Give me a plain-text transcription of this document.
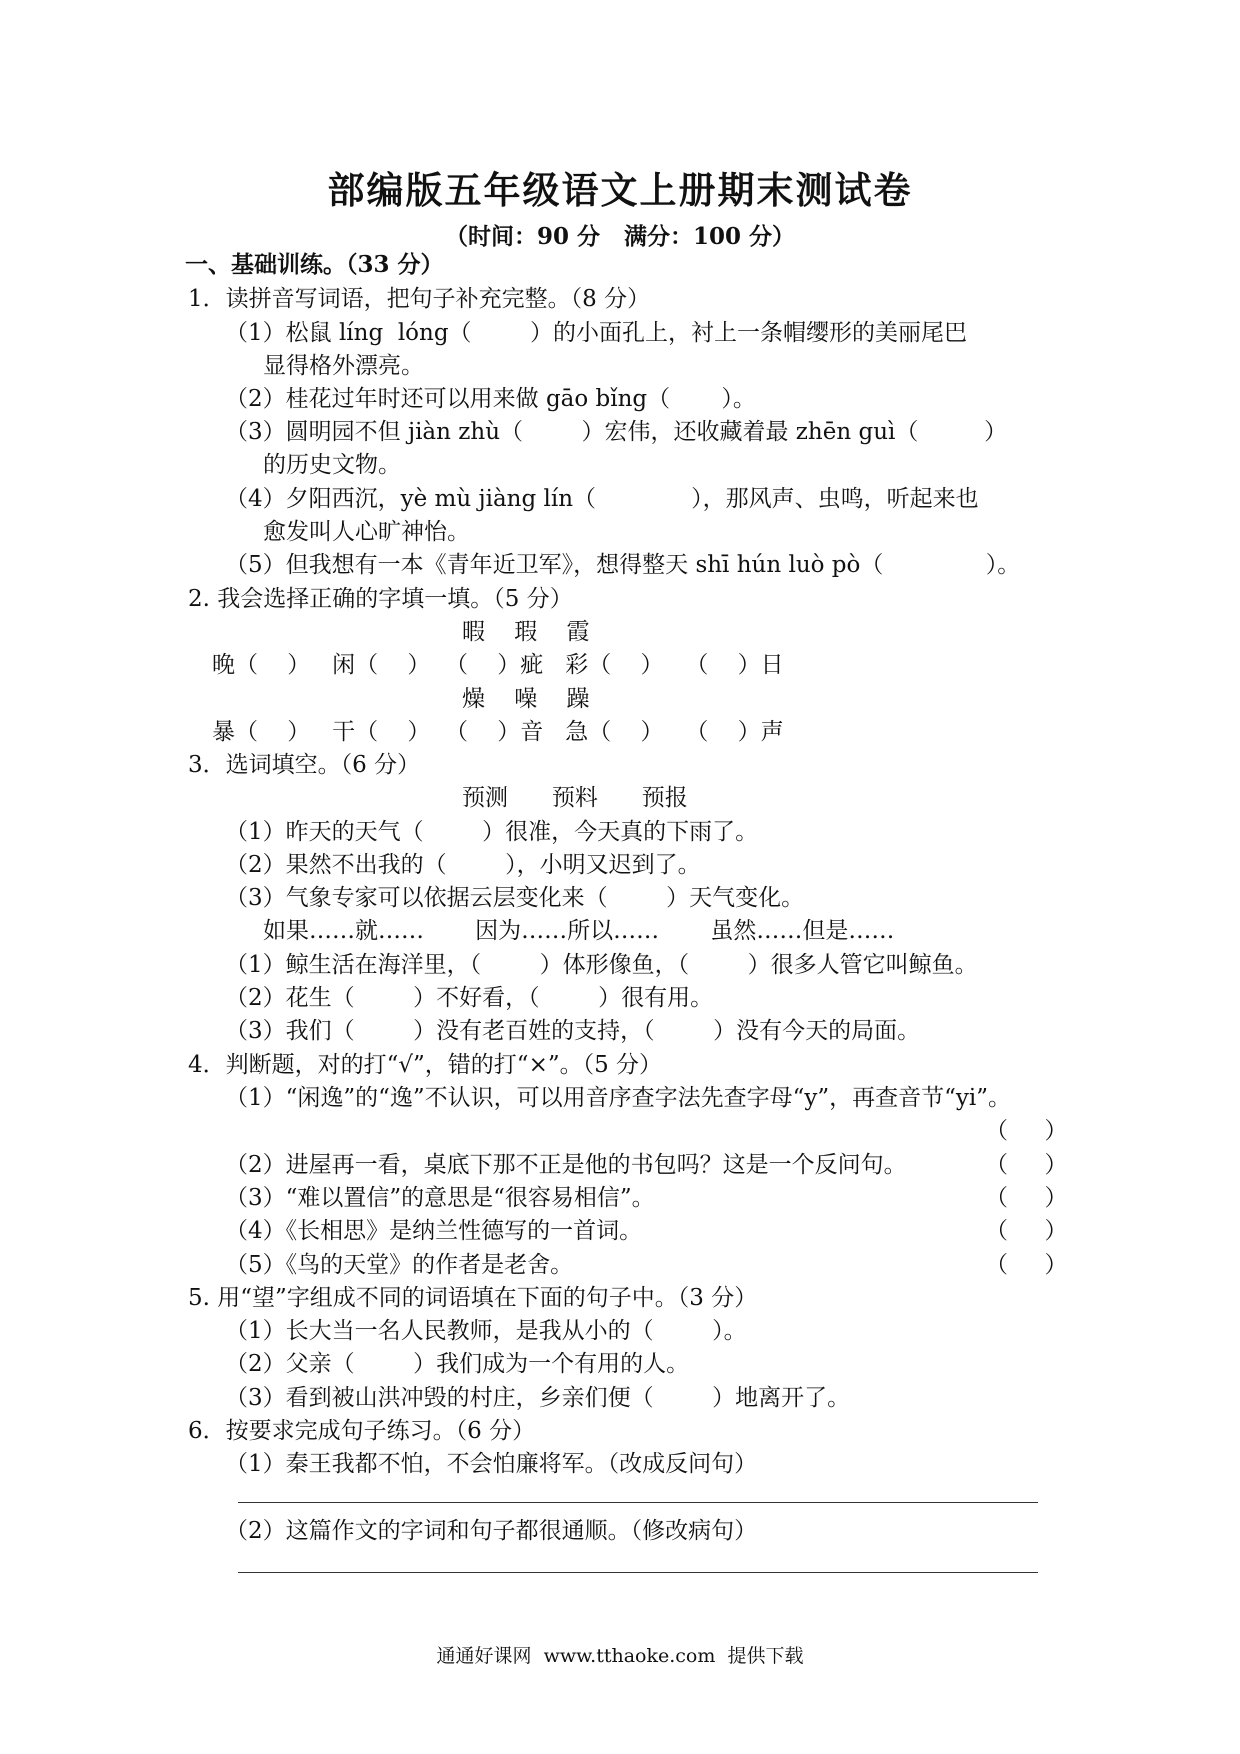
部编版五年级语文上册期末测试卷
（时间：90 分   满分：100 分）
一、基础训练。（33 分）
1．读拼音写词语，把句子补充完整。（8 分）
（1）松鼠 líng  lóng（        ）的小面孔上，衬上一条帽缨形的美丽尾巴
显得格外漂亮。
（2）桂花过年时还可以用来做 gāo bǐng（       ）。
（3）圆明园不但 jiàn zhù（        ）宏伟，还收藏着最 zhēn guì（         ）
的历史文物。
（4）夕阳西沉，yè mù jiàng lín（             ），那风声、虫鸣，听起来也
愈发叫人心旷神怡。
（5）但我想有一本《青年近卫军》，想得整天 shī hún luò pò（              ）。
2. 我会选择正确的字填一填。（5 分）
暇    瑕    霞
晚（    ）   闲（    ）  （    ）疵   彩（    ）   （    ）日
燥    噪    躁
暴（    ）   干（    ）  （    ）音   急（    ）   （    ）声
3．选词填空。（6 分）
预测      预料      预报
（1）昨天的天气（        ）很准，今天真的下雨了。
（2）果然不出我的（        ），小明又迟到了。
（3）气象专家可以依据云层变化来（        ）天气变化。
如果……就……       因为……所以……       虽然……但是……
（1）鲸生活在海洋里，（        ）体形像鱼，（        ）很多人管它叫鲸鱼。
（2）花生（        ）不好看，（        ）很有用。
（3）我们（        ）没有老百姓的支持，（        ）没有今天的局面。
4．判断题，对的打“√”，错的打“×”。（5 分）
（1）“闲逸”的“逸”不认识，可以用音序查字法先查字母“y”，再查音节“yi”。
（     ）
（2）进屋再一看，桌底下那不正是他的书包吗？这是一个反问句。	（     ）
（3）“难以置信”的意思是“很容易相信”。	（     ）
（4）《长相思》是纳兰性德写的一首词。	（     ）
（5）《鸟的天堂》的作者是老舍。	（     ）
5. 用“望”字组成不同的词语填在下面的句子中。（3 分）
（1）长大当一名人民教师，是我从小的（        ）。
（2）父亲（        ）我们成为一个有用的人。
（3）看到被山洪冲毁的村庄，乡亲们便（        ）地离开了。
6．按要求完成句子练习。（6 分）
（1）秦王我都不怕，不会怕廉将军。（改成反问句）
（2）这篇作文的字词和句子都很通顺。（修改病句）
通通好课网  www.tthaoke.com  提供下载
